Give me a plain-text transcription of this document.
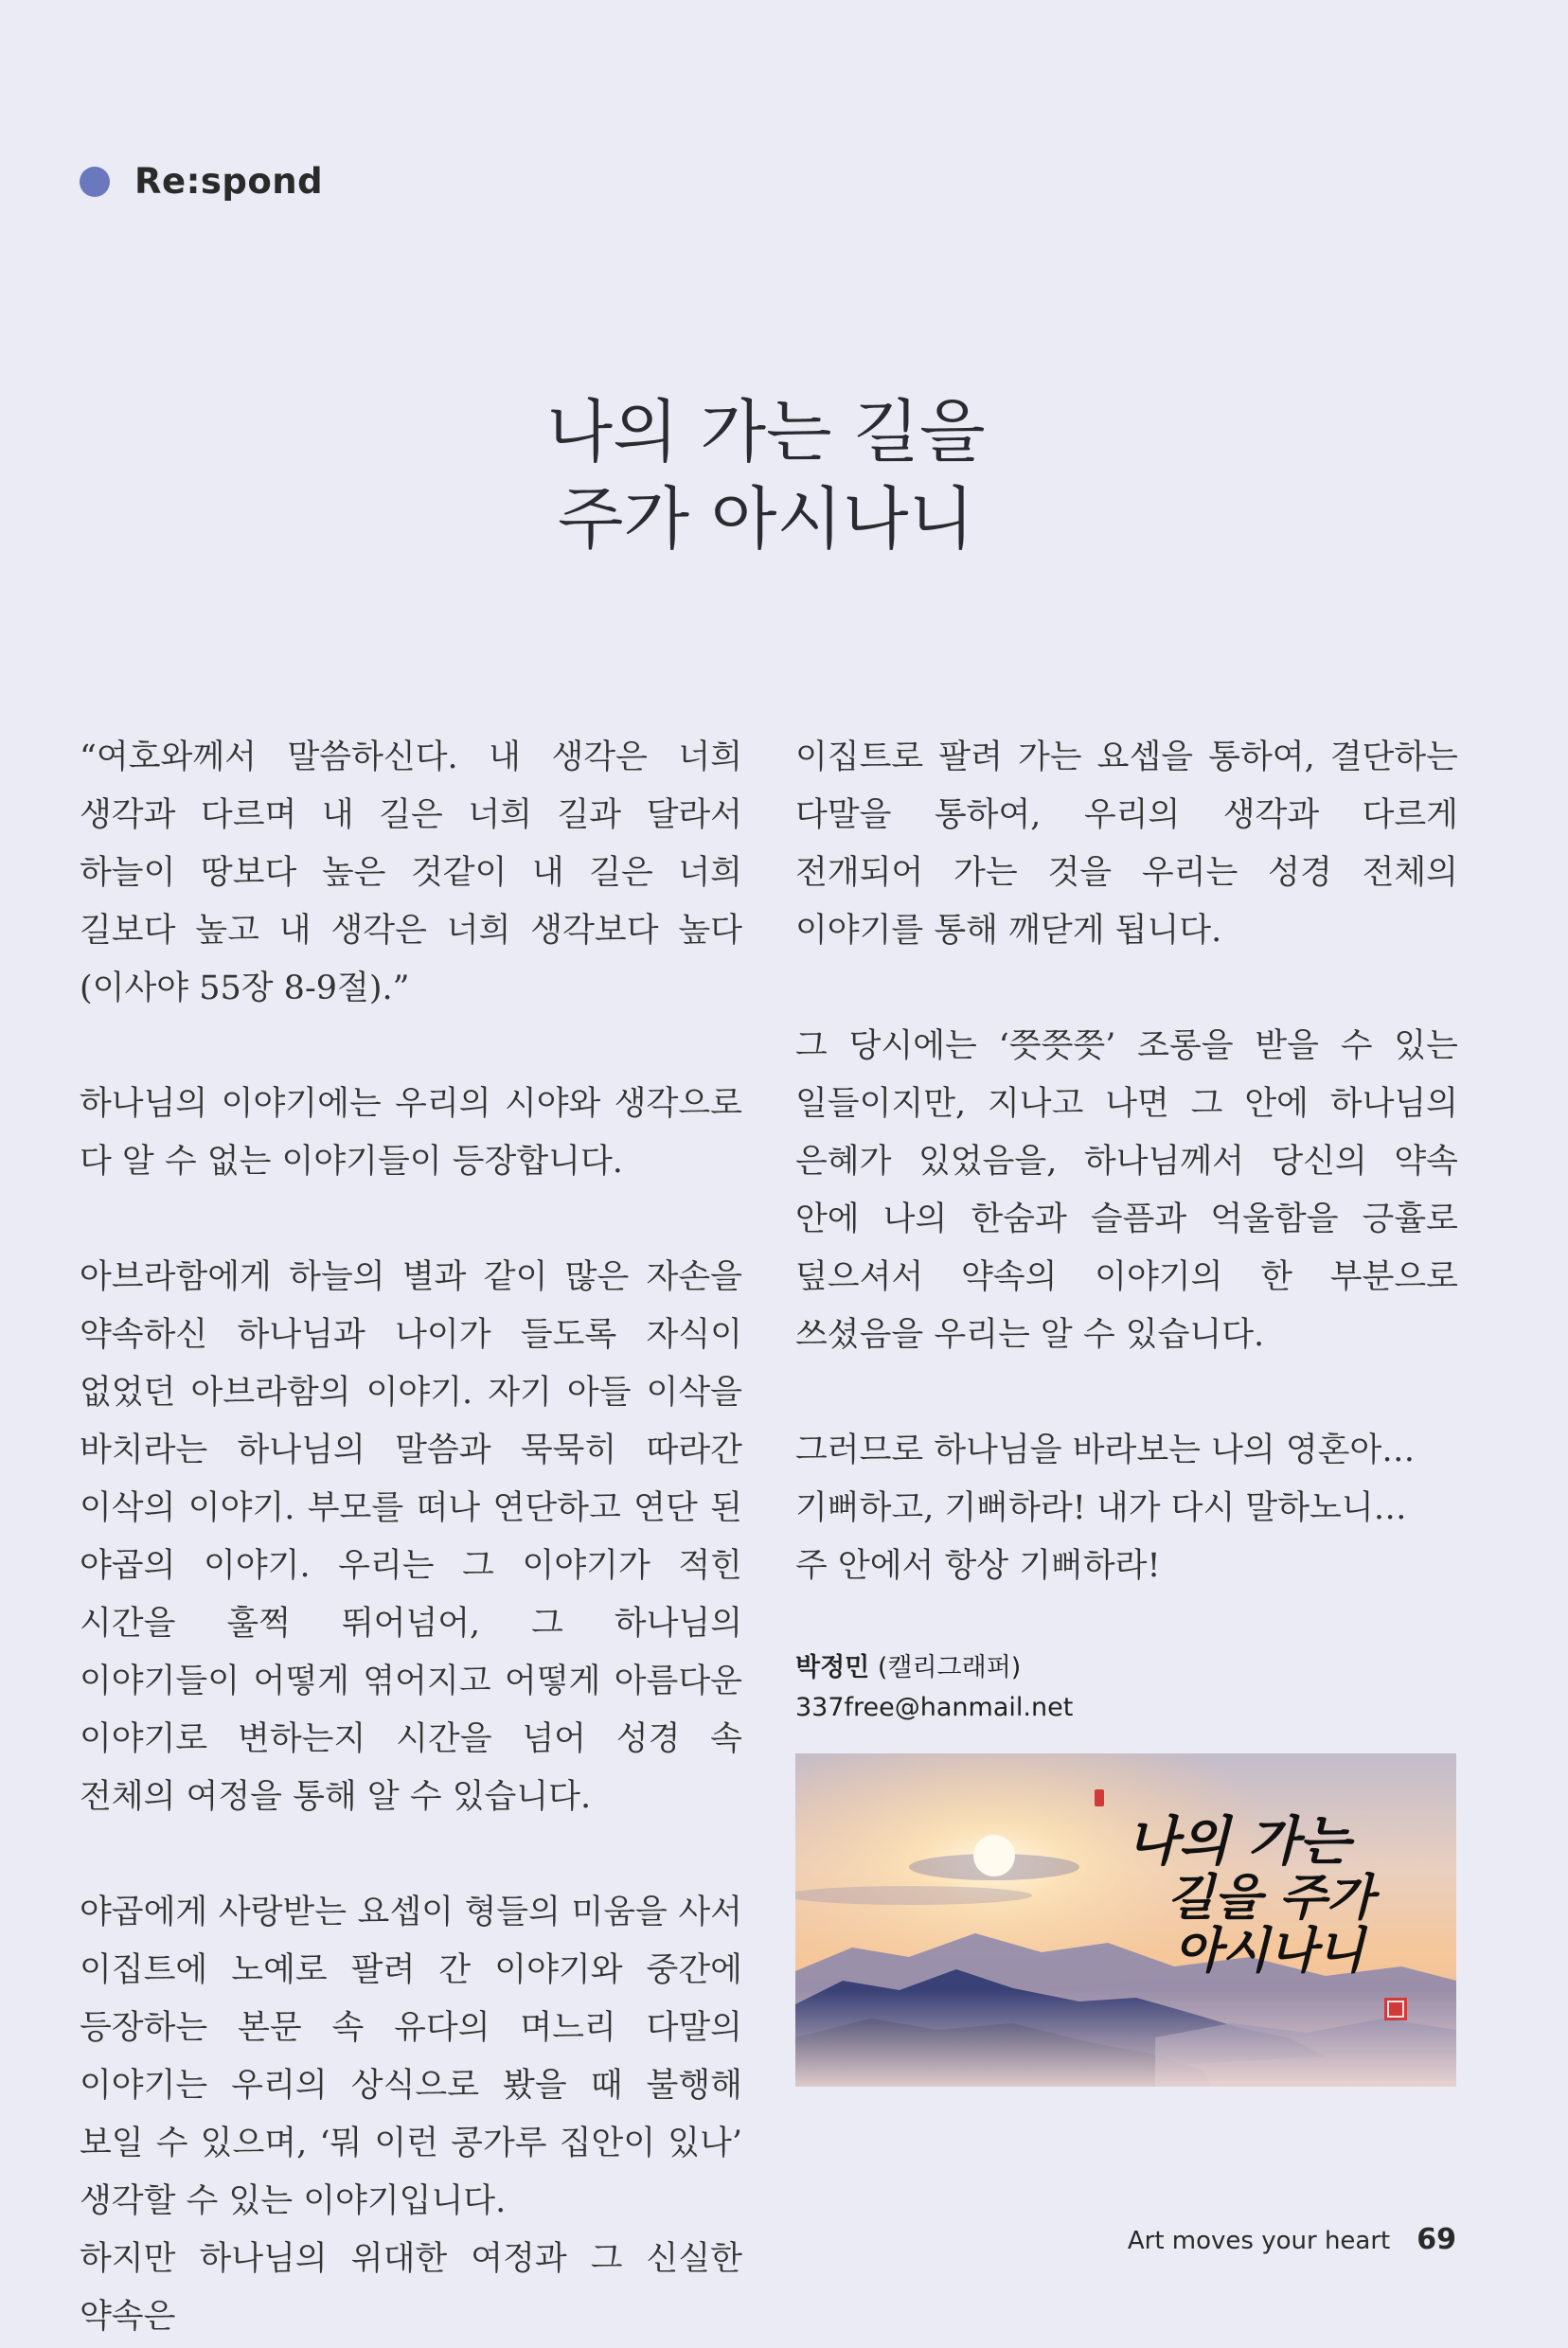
Re:spond
나의 가는 길을
주가 아시나니

“여호와께서 말씀하신다. 내 생각은 너희 생각과 다르며 내 길은 너희 길과 달라서 하늘이 땅보다 높은 것같이 내 길은 너희 길보다 높고 내 생각은 너희 생각보다 높다(이사야 55장 8-9절).”

하나님의 이야기에는 우리의 시야와 생각으로 다 알 수 없는 이야기들이 등장합니다.

아브라함에게 하늘의 별과 같이 많은 자손을 약속하신 하나님과 나이가 들도록 자식이 없었던 아브라함의 이야기. 자기 아들 이삭을 바치라는 하나님의 말씀과 묵묵히 따라간 이삭의 이야기. 부모를 떠나 연단하고 연단 된 야곱의 이야기. 우리는 그 이야기가 적힌 시간을 훌쩍 뛰어넘어, 그 하나님의 이야기들이 어떻게 엮어지고 어떻게 아름다운 이야기로 변하는지 시간을 넘어 성경 속 전체의 여정을 통해 알 수 있습니다.

야곱에게 사랑받는 요셉이 형들의 미움을 사서 이집트에 노예로 팔려 간 이야기와 중간에 등장하는 본문 속 유다의 며느리 다말의 이야기는 우리의 상식으로 봤을 때 불행해 보일 수 있으며, ‘뭐 이런 콩가루 집안이 있나’ 생각할 수 있는 이야기입니다.

하지만 하나님의 위대한 여정과 그 신실한 약속은

이집트로 팔려 가는 요셉을 통하여, 결단하는 다말을 통하여, 우리의 생각과 다르게 전개되어 가는 것을 우리는 성경 전체의 이야기를 통해 깨닫게 됩니다.

그 당시에는 ‘쯧쯧쯧’ 조롱을 받을 수 있는 일들이지만, 지나고 나면 그 안에 하나님의 은혜가 있었음을, 하나님께서 당신의 약속 안에 나의 한숨과 슬픔과 억울함을 긍휼로 덮으셔서 약속의 이야기의 한 부분으로 쓰셨음을 우리는 알 수 있습니다.

그러므로 하나님을 바라보는 나의 영혼아…

기뻐하고, 기뻐하라! 내가 다시 말하노니…

주 안에서 항상 기뻐하라!

박정민 (캘리그래퍼)
337free@hanmail.net
나의 가는
길을 주가
아시나니
Art moves your heart 69
